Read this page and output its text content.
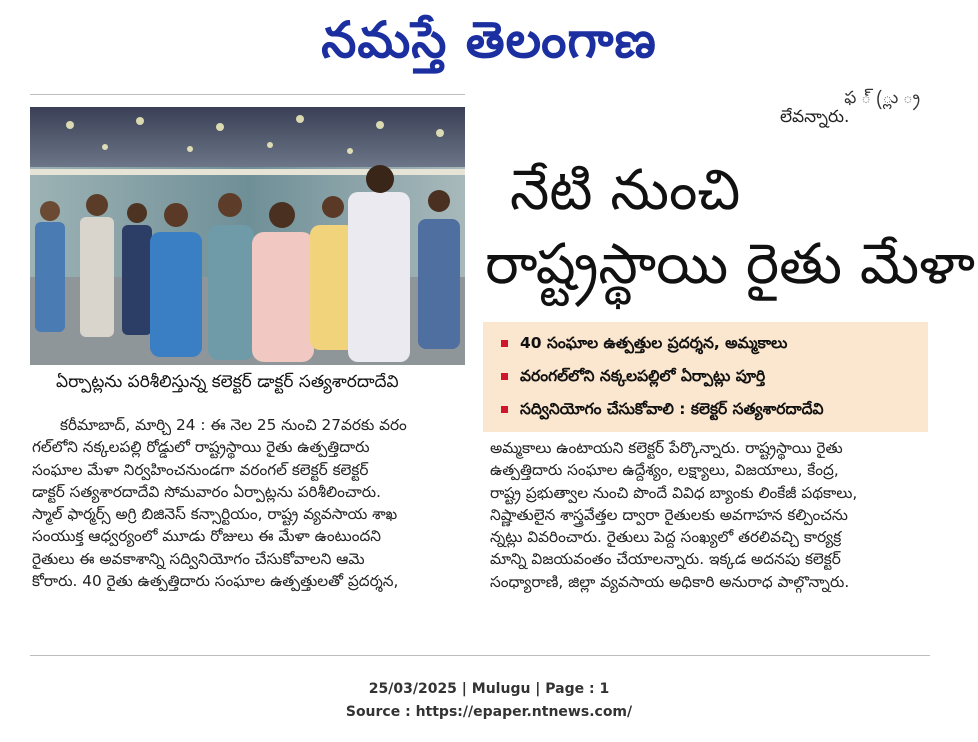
నమస్తే తెలంగాణ
ఫ ్ (్లు ్ర
లేవన్నారు.
ఏర్పాట్లను పరిశీలిస్తున్న కలెక్టర్ డాక్టర్ సత్యశారదాదేవి
నేటి నుంచి
రాష్ట్రస్థాయి రైతు మేళా
40 సంఘాల ఉత్పత్తుల ప్రదర్శన, అమ్మకాలు
వరంగల్‌లోని నక్కలపల్లిలో ఏర్పాట్లు పూర్తి
సద్వినియోగం చేసుకోవాలి : కలెక్టర్ సత్యశారదాదేవి
కరీమాబాద్, మార్చి 24 : ఈ నెల 25 నుంచి 27వరకు వరం
గల్‌లోని నక్కలపల్లి రోడ్డులో రాష్ట్రస్థాయి రైతు ఉత్పత్తిదారు
సంఘాల మేళా నిర్వహించనుండగా వరంగల్ కలెక్టర్ కలెక్టర్
డాక్టర్ సత్యశారదాదేవి సోమవారం ఏర్పాట్లను పరిశీలించారు.
స్మాల్ ఫార్మర్స్ అగ్రి బిజినెస్ కన్సార్టియం, రాష్ట్ర వ్యవసాయ శాఖ
సంయుక్త ఆధ్వర్యంలో మూడు రోజులు ఈ మేళా ఉంటుందని
రైతులు ఈ అవకాశాన్ని సద్వినియోగం చేసుకోవాలని ఆమె
కోరారు. 40 రైతు ఉత్పత్తిదారు సంఘాల ఉత్పత్తులతో ప్రదర్శన,
అమ్మకాలు ఉంటాయని కలెక్టర్ పేర్కొన్నారు. రాష్ట్రస్థాయి రైతు
ఉత్పత్తిదారు సంఘాల ఉద్దేశ్యం, లక్ష్యాలు, విజయాలు, కేంద్ర,
రాష్ట్ర ప్రభుత్వాల నుంచి పొందే వివిధ బ్యాంకు లింకేజీ పథకాలు,
నిష్ణాతులైన శాస్త్రవేత్తల ద్వారా రైతులకు అవగాహన కల్పించను
న్నట్లు వివరించారు. రైతులు పెద్ద సంఖ్యలో తరలివచ్చి కార్యక్ర
మాన్ని విజయవంతం చేయాలన్నారు. ఇక్కడ అదనపు కలెక్టర్
సంధ్యారాణి, జిల్లా వ్యవసాయ అధికారి అనురాధ పాల్గొన్నారు.
25/03/2025 | Mulugu | Page : 1
Source : https://epaper.ntnews.com/
